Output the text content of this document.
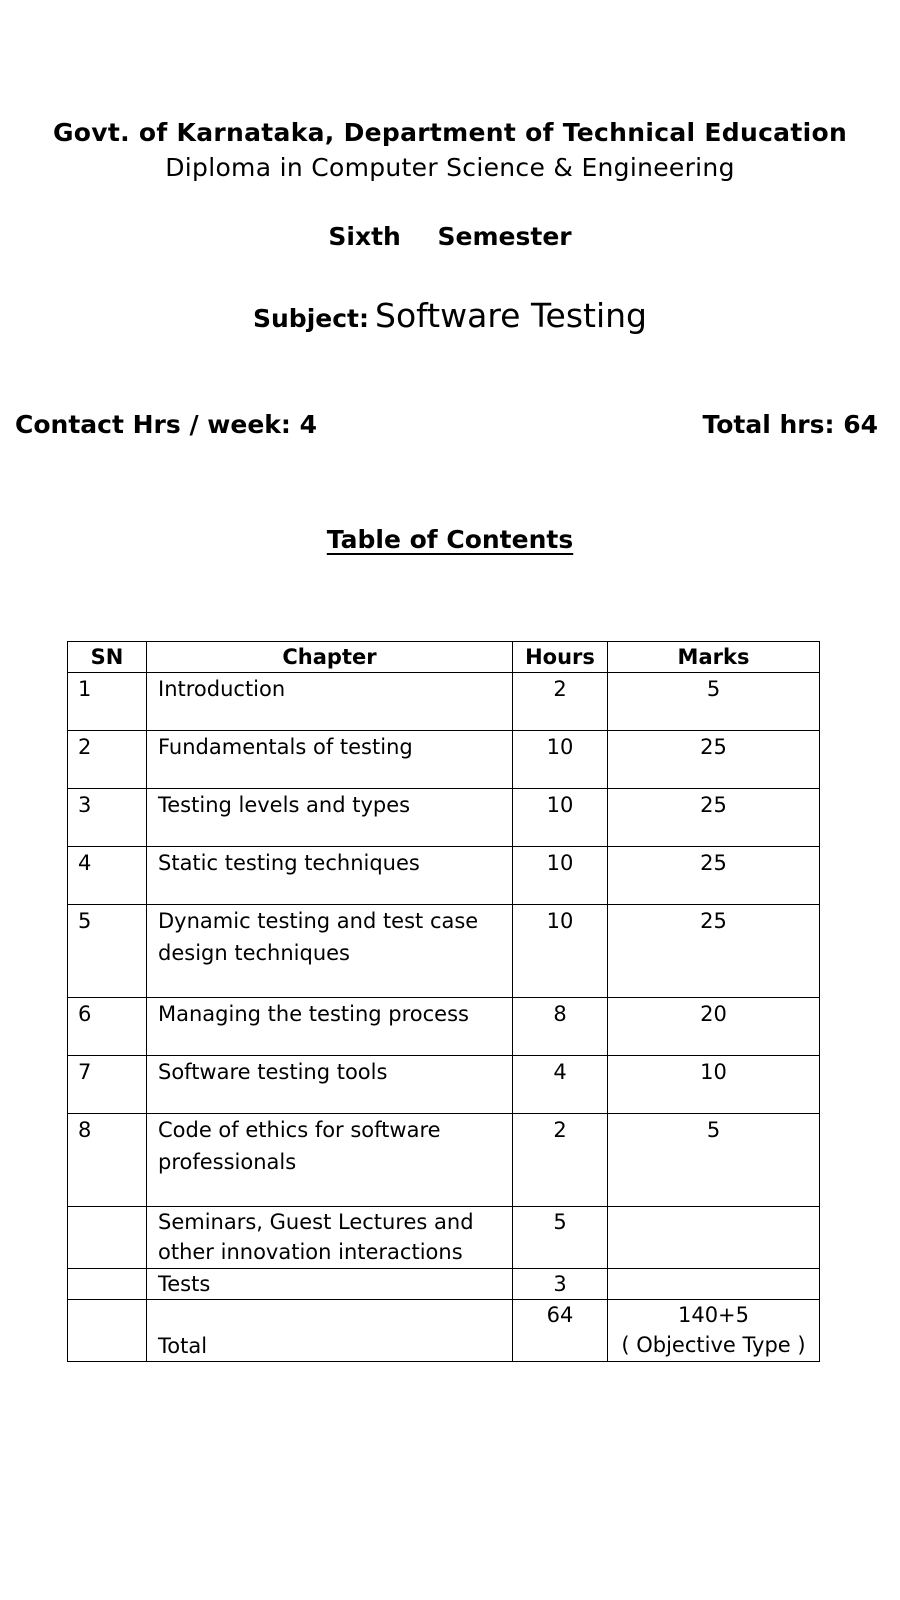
Govt. of Karnataka, Department of Technical Education
Diploma in Computer Science & Engineering
Sixth Semester
Subject: Software Testing
Contact Hrs / week: 4	Total hrs: 64
Table of Contents
SN	Chapter	Hours	Marks
1	Introduction	2	5
2	Fundamentals of testing	10	25
3	Testing levels and types	10	25
4	Static testing techniques	10	25
5	Dynamic testing and test case design techniques	10	25
6	Managing the testing process	8	20
7	Software testing tools	4	10
8	Code of ethics for software professionals	2	5
	Seminars, Guest Lectures and other innovation interactions	5	
	Tests	3	
	Total	64	140+5
( Objective Type )
